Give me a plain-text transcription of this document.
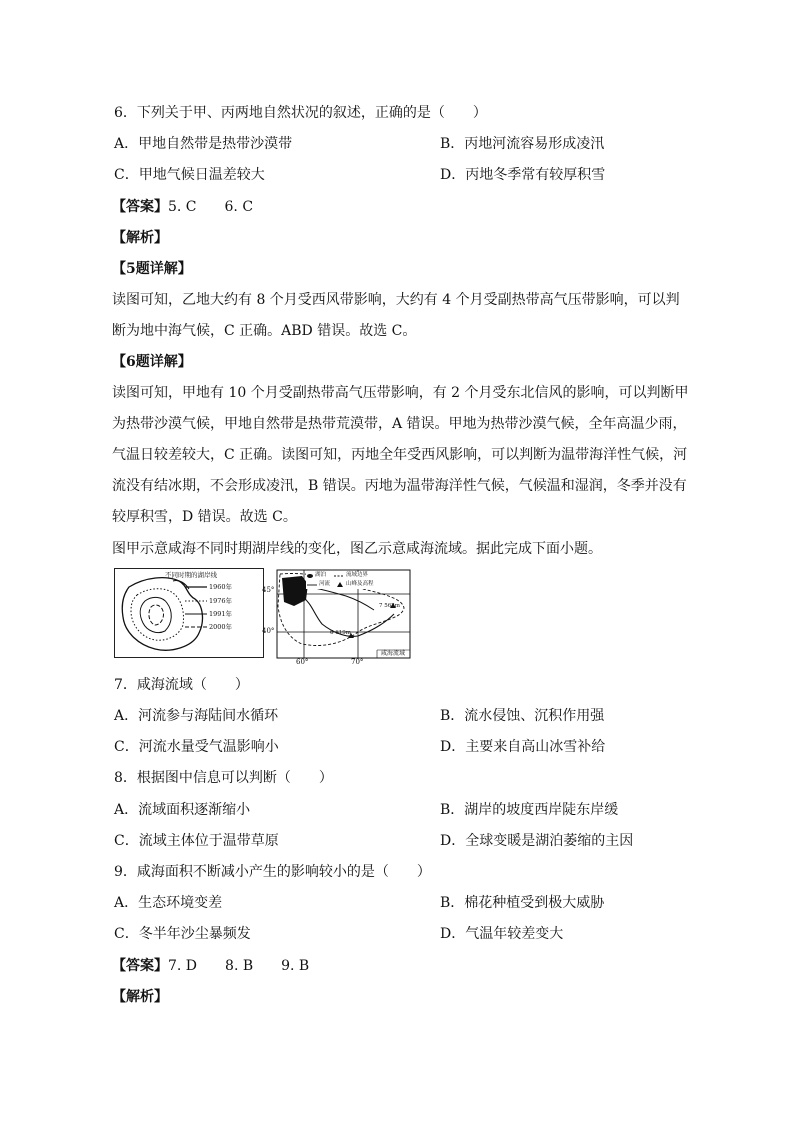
6．下列关于甲、丙两地自然状况的叙述，正确的是（　　）
A．甲地自然带是热带沙漠带	B．丙地河流容易形成凌汛
C．甲地气候日温差较大	D．丙地冬季常有较厚积雪
【答案】5. C　　6. C
【解析】
【5题详解】
读图可知，乙地大约有 8 个月受西风带影响，大约有 4 个月受副热带高气压带影响，可以判
断为地中海气候，C 正确。ABD 错误。故选 C。
【6题详解】
读图可知，甲地有 10 个月受副热带高气压带影响，有 2 个月受东北信风的影响，可以判断甲
为热带沙漠气候，甲地自然带是热带荒漠带，A 错误。甲地为热带沙漠气候，全年高温少雨，
气温日较差较大，C 正确。读图可知，丙地全年受西风影响，可以判断为温带海洋性气候，河
流没有结冰期，不会形成凌汛，B 错误。丙地为温带海洋性气候，气候温和湿润，冬季并没有
较厚积雪，D 错误。故选 C。
图甲示意咸海不同时期湖岸线的变化，图乙示意咸海流域。据此完成下面小题。
不同时期的湖岸线
1960年
1976年
1991年
2000年
45°
40°
60°	70°
湖泊	流域边界
河流	山峰及高程
7 562m
6 619m
咸海流域
7．咸海流域（　　）
A．河流参与海陆间水循环	B．流水侵蚀、沉积作用强
C．河流水量受气温影响小	D．主要来自高山冰雪补给
8．根据图中信息可以判断（　　）
A．流域面积逐渐缩小	B．湖岸的坡度西岸陡东岸缓
C．流域主体位于温带草原	D．全球变暖是湖泊萎缩的主因
9．咸海面积不断减小产生的影响较小的是（　　）
A．生态环境变差	B．棉花种植受到极大威胁
C．冬半年沙尘暴频发	D．气温年较差变大
【答案】7. D　　8. B　　9. B
【解析】
